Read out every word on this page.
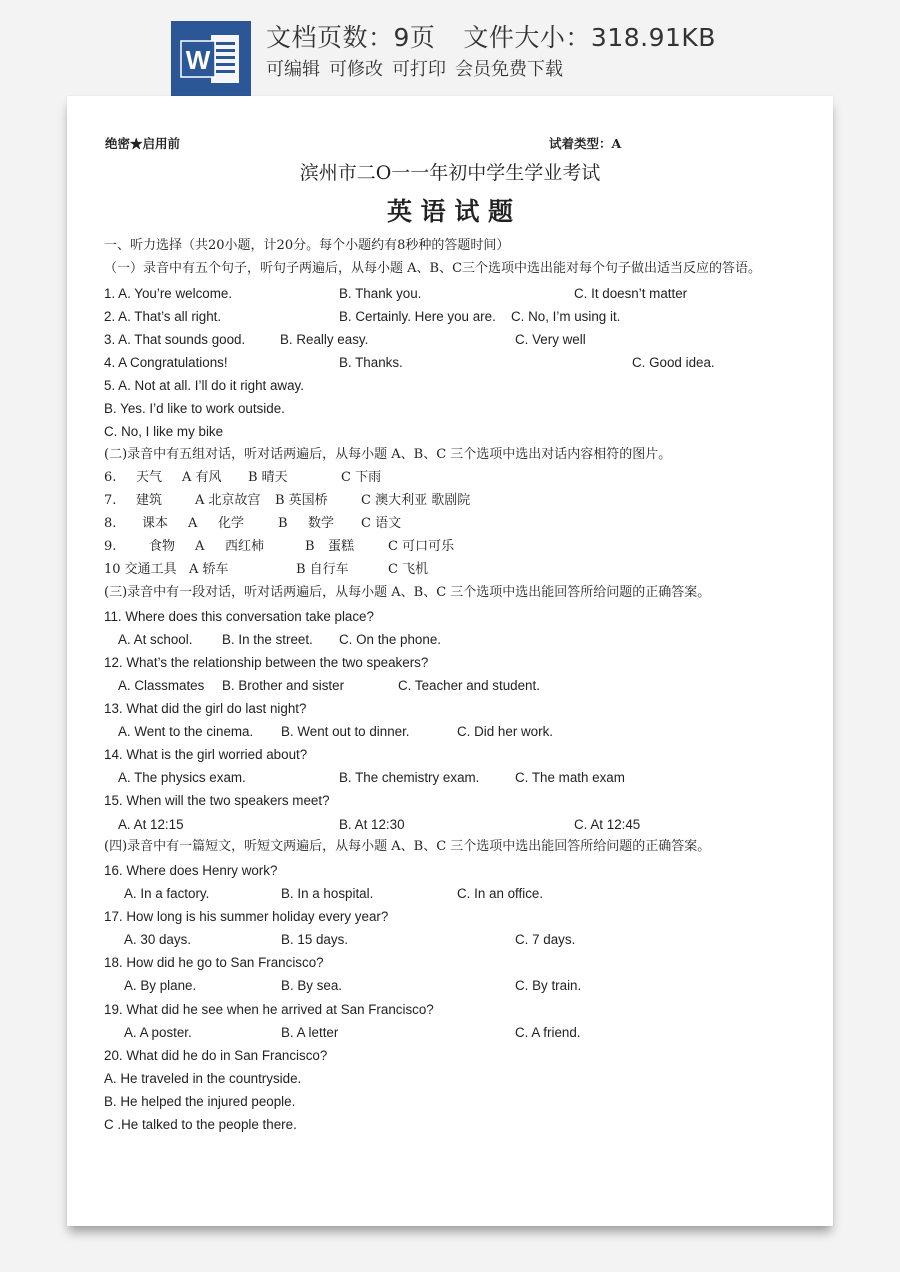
W
文档页数：9页 文件大小：318.91KB
可编辑 可修改 可打印 会员免费下载
绝密★启用前	试着类型：A
滨州市二O一一年初中学生学业考试
英 语 试 题
一、听力选择（共20小题，计20分。每个小题约有8秒种的答题时间）
（一）录音中有五个句子，听句子两遍后，从每小题 A、B、C三个选项中选出能对每个句子做出适当反应的答语。
1. A. You’re welcome.	B. Thank you.	C. It doesn’t matter
2. A. That’s all right.	B. Certainly. Here you are. C. No, I’m using it.
3. A. That sounds good.	B. Really easy.	C. Very well
4. A Congratulations!	B. Thanks.	C. Good idea.
5. A. Not at all. I’ll do it right away.
B. Yes. I’d like to work outside.
C. No, I like my bike
(二)录音中有五组对话，听对话两遍后，从每小题 A、B、C 三个选项中选出对话内容相符的图片。
6. 天气 A 有风 B 晴天	C 下雨
7. 建筑	A 北京故宫 B 英国桥	C 澳大利亚 歌剧院
8. 课本 A 化学	B 数学 C 语文
9.	食物 A 西红柿	B 蛋糕	C 可口可乐
10 交通工具 A 轿车	B 自行车	C 飞机
(三)录音中有一段对话，听对话两遍后，从每小题 A、B、C 三个选项中选出能回答所给问题的正确答案。
11. Where does this conversation take place?
A. At school. B. In the street. C. On the phone.
12. What’s the relationship between the two speakers?
A. Classmates B. Brother and sister	C. Teacher and student.
13. What did the girl do last night?
A. Went to the cinema. B. Went out to dinner.	C. Did her work.
14. What is the girl worried about?
A. The physics exam.	B. The chemistry exam.	C. The math exam
15. When will the two speakers meet?
A. At 12:15	B. At 12:30	C. At 12:45
(四)录音中有一篇短文，听短文两遍后，从每小题 A、B、C 三个选项中选出能回答所给问题的正确答案。
16. Where does Henry work?
A. In a factory.	B. In a hospital.	C. In an office.
17. How long is his summer holiday every year?
A. 30 days.	B. 15 days.	C. 7 days.
18. How did he go to San Francisco?
A. By plane.	B. By sea.	C. By train.
19. What did he see when he arrived at San Francisco?
A. A poster.	B. A letter	C. A friend.
20. What did he do in San Francisco?
A. He traveled in the countryside.
B. He helped the injured people.
C .He talked to the people there.
